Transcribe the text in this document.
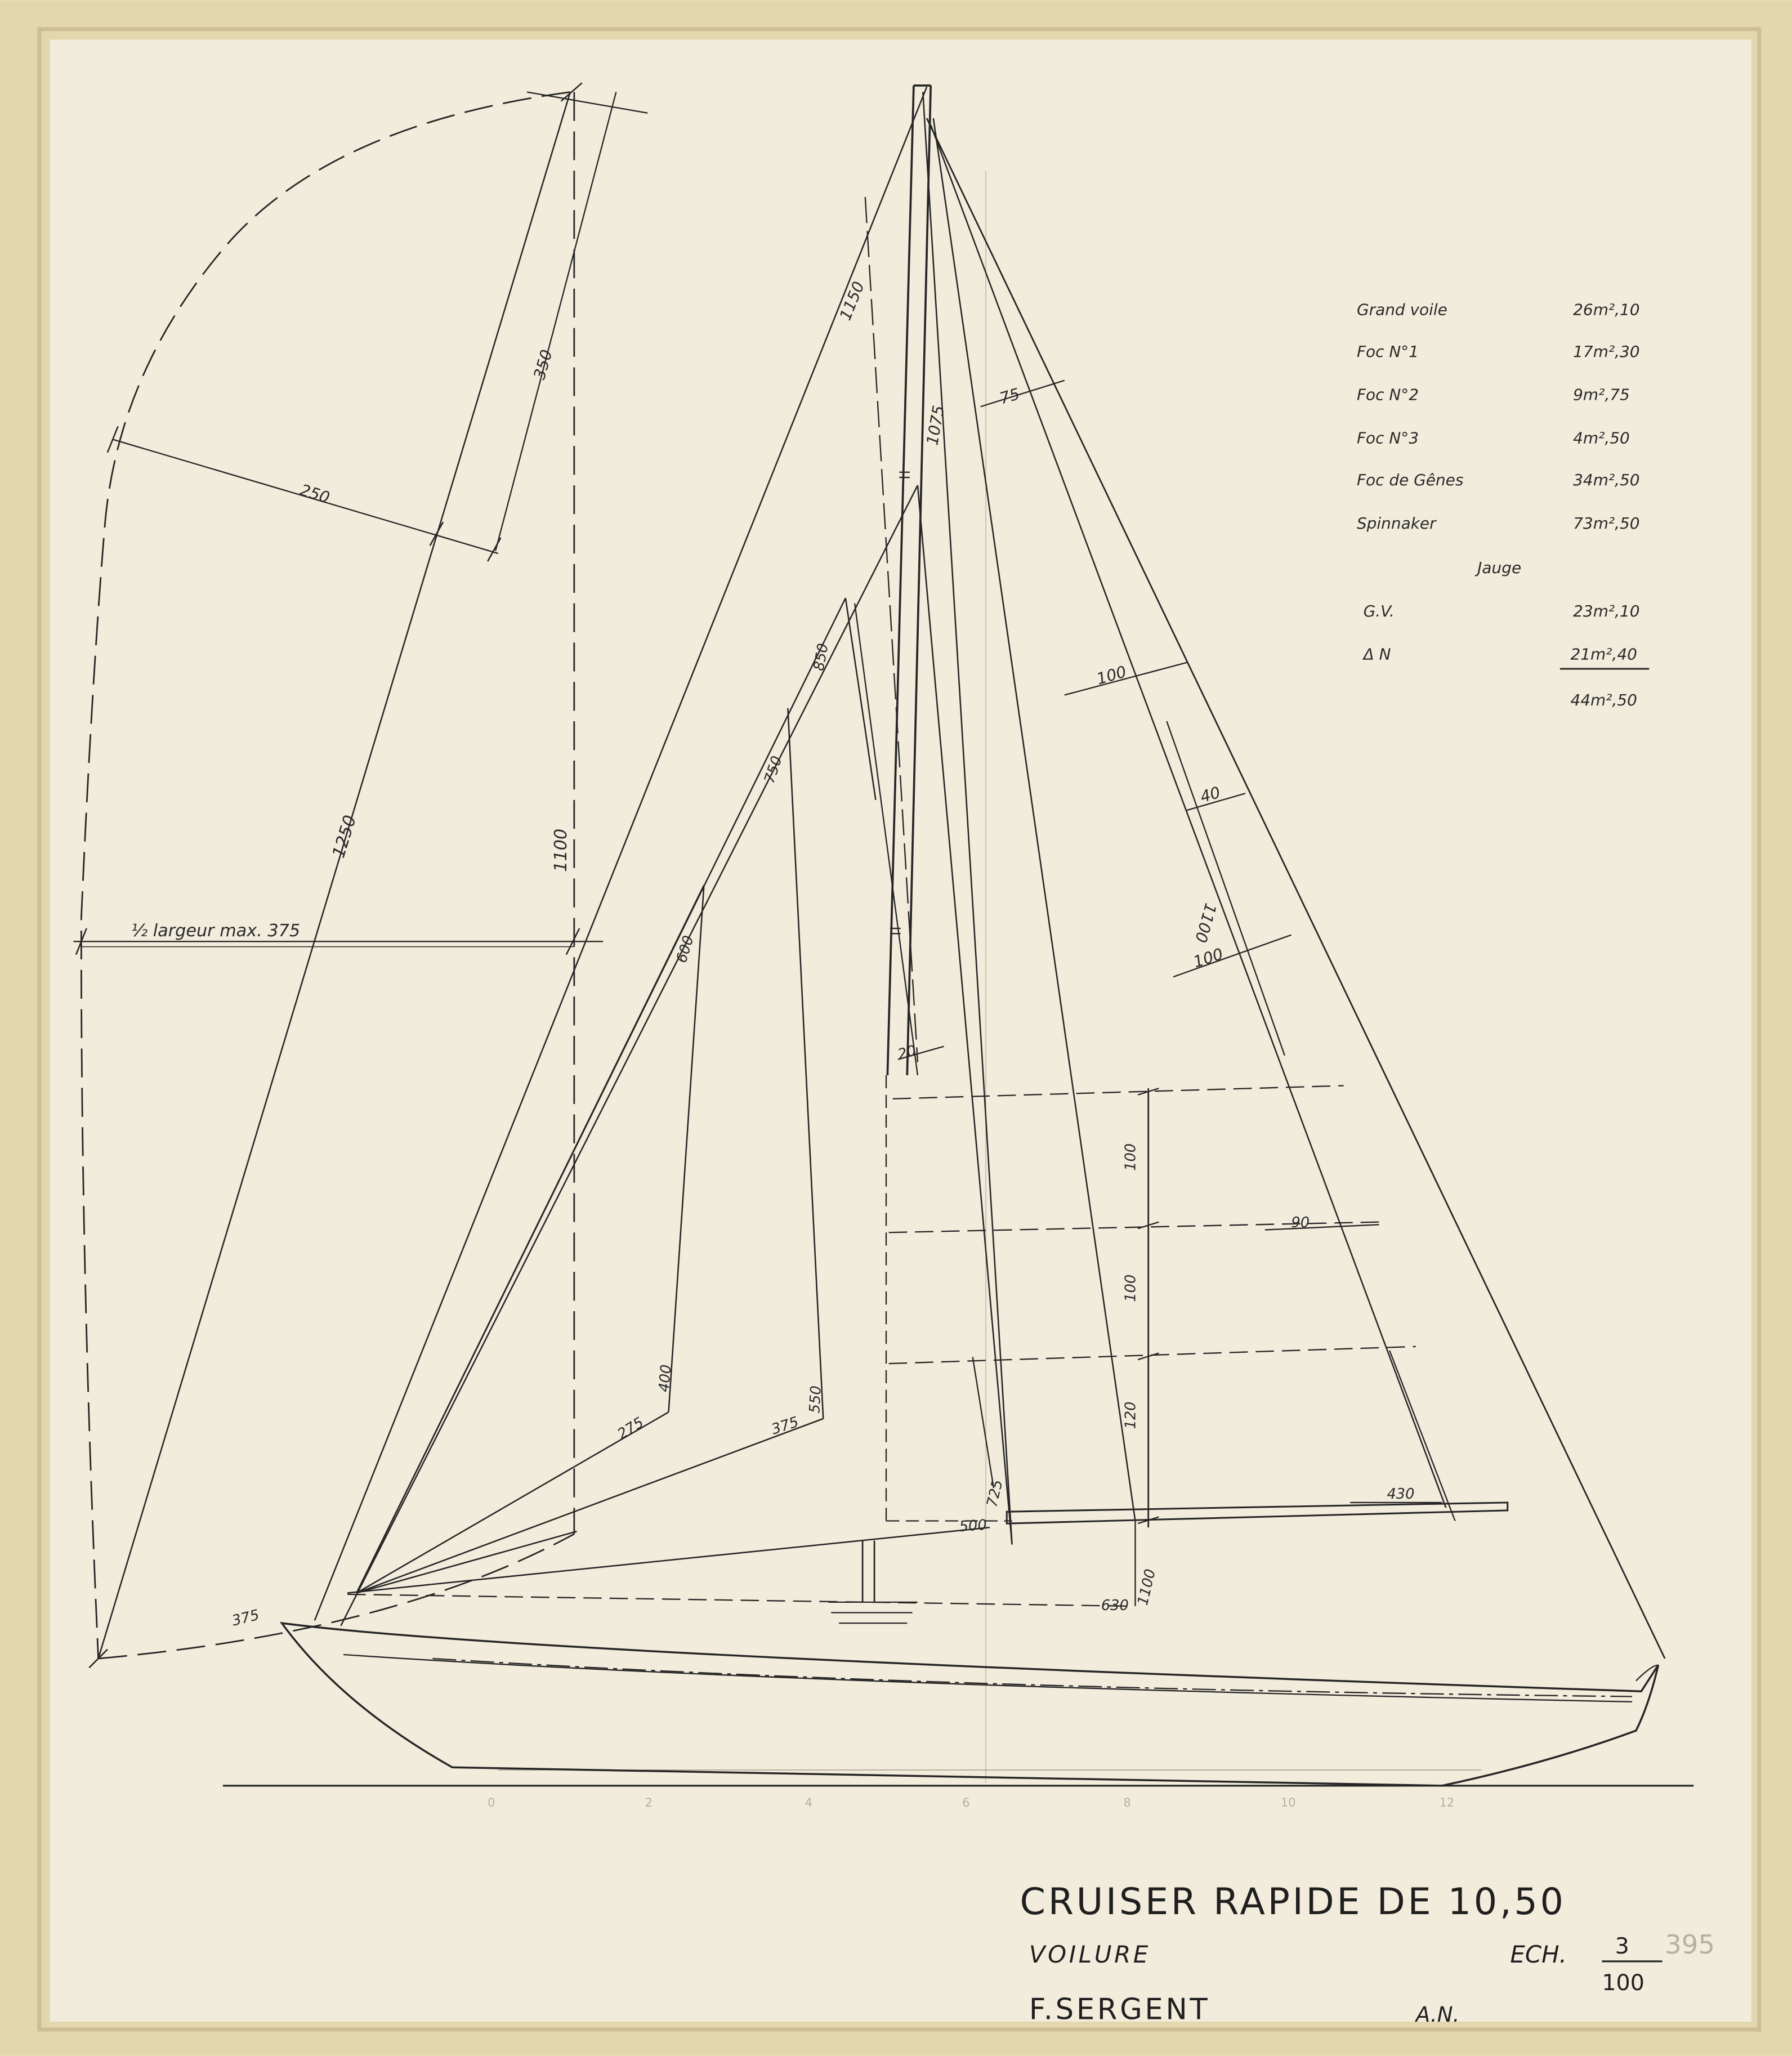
0	2	4	6	8	10	12
350
250
1250	1100
½ largeur max. 375
375
1150
850
500
750
550
375
600
400
275
1075
75
100
40
1100
100
20
100
100
120
90
430
725
1100
630
Grand voile	26m²,10
Foc N°1	17m²,30
Foc N°2	9m²,75
Foc N°3	4m²,50
Foc de Gênes	34m²,50
Spinnaker	73m²,50
Jauge
G.V.	23m²,10
Δ N	21m²,40
44m²,50
CRUISER RAPIDE DE 10,50
VOILURE
F.SERGENT
ECH.	3
100
A.N.
395
